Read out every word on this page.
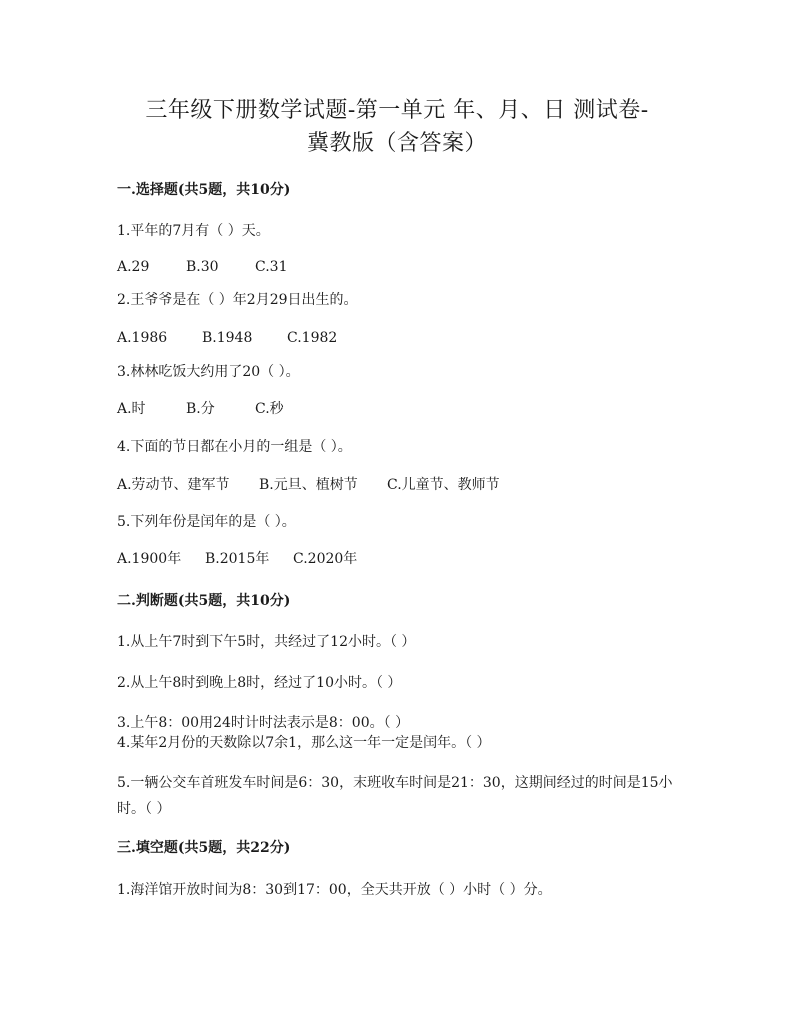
三年级下册数学试题-第一单元 年、月、日 测试卷-
冀教版（含答案）

一.选择题(共5题，共10分)

1.平年的7月有（ ）天。

A.29	B.30	C.31

2.王爷爷是在（ ）年2月29日出生的。

A.1986 B.1948 C.1982

3.林林吃饭大约用了20（ ）。

A.时	B.分	C.秒

4.下面的节日都在小月的一组是（ ）。

A.劳动节、建军节 B.元旦、植树节 C.儿童节、教师节

5.下列年份是闰年的是（ ）。

A.1900年 B.2015年 C.2020年

二.判断题(共5题，共10分)

1.从上午7时到下午5时，共经过了12小时。（ ）

2.从上午8时到晚上8时，经过了10小时。（ ）

3.上午8：00用24时计时法表示是8：00。（ ）

4.某年2月份的天数除以7余1，那么这一年一定是闰年。（ ）

5.一辆公交车首班发车时间是6：30，末班收车时间是21：30，这期间经过的时间是15小时。（ ）

三.填空题(共5题，共22分)

1.海洋馆开放时间为8：30到17：00，全天共开放（ ）小时（ ）分。
